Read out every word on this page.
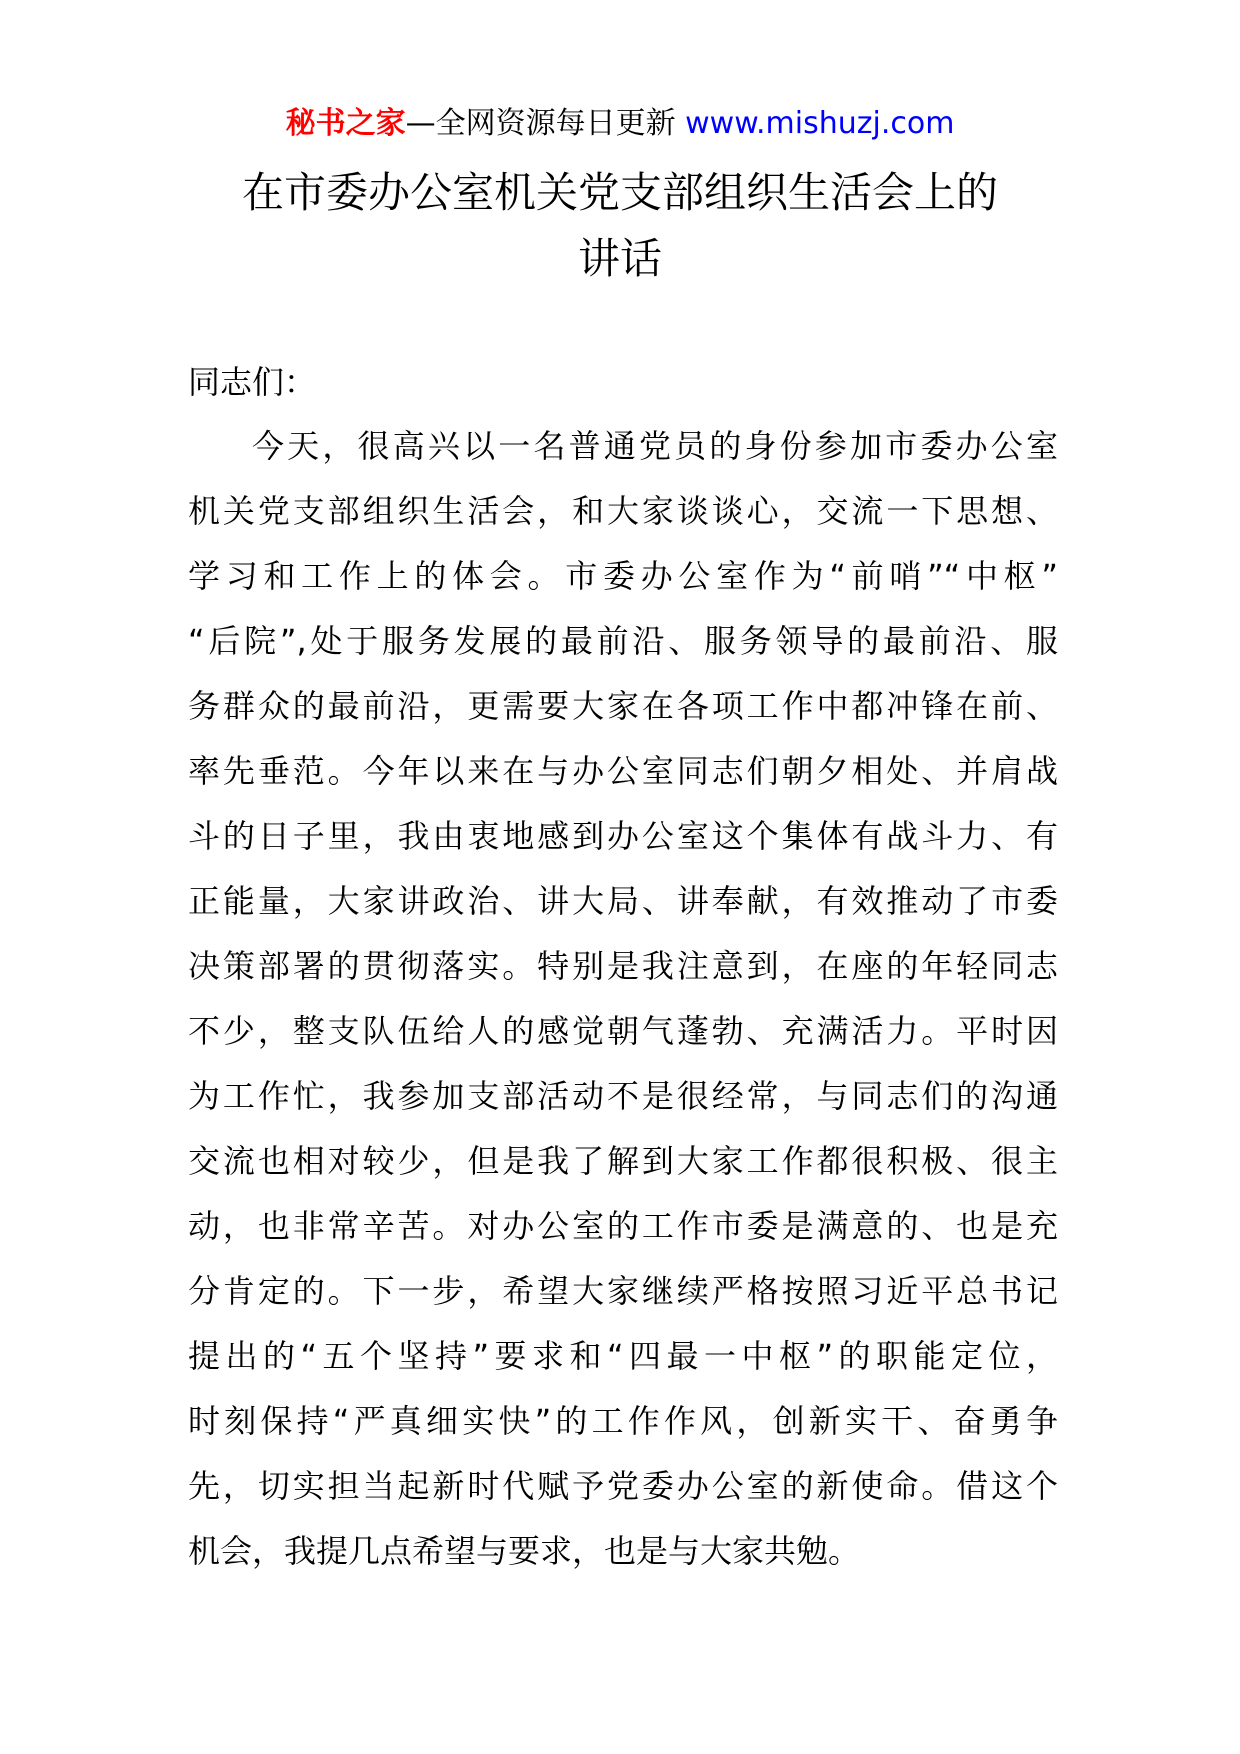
秘书之家—全网资源每日更新 www.mishuzj.com
在市委办公室机关党支部组织生活会上的
讲话
同志们：
今天，很高兴以一名普通党员的身份参加市委办公室
机关党支部组织生活会，和大家谈谈心，交流一下思想、
学习和工作上的体会。市委办公室作为“前哨”“中枢”
“后院”,处于服务发展的最前沿、服务领导的最前沿、服
务群众的最前沿，更需要大家在各项工作中都冲锋在前、
率先垂范。今年以来在与办公室同志们朝夕相处、并肩战
斗的日子里，我由衷地感到办公室这个集体有战斗力、有
正能量，大家讲政治、讲大局、讲奉献，有效推动了市委
决策部署的贯彻落实。特别是我注意到，在座的年轻同志
不少，整支队伍给人的感觉朝气蓬勃、充满活力。平时因
为工作忙，我参加支部活动不是很经常，与同志们的沟通
交流也相对较少，但是我了解到大家工作都很积极、很主
动，也非常辛苦。对办公室的工作市委是满意的、也是充
分肯定的。下一步，希望大家继续严格按照习近平总书记
提出的“五个坚持”要求和“四最一中枢”的职能定位，
时刻保持“严真细实快”的工作作风，创新实干、奋勇争
先，切实担当起新时代赋予党委办公室的新使命。借这个
机会，我提几点希望与要求，也是与大家共勉。
